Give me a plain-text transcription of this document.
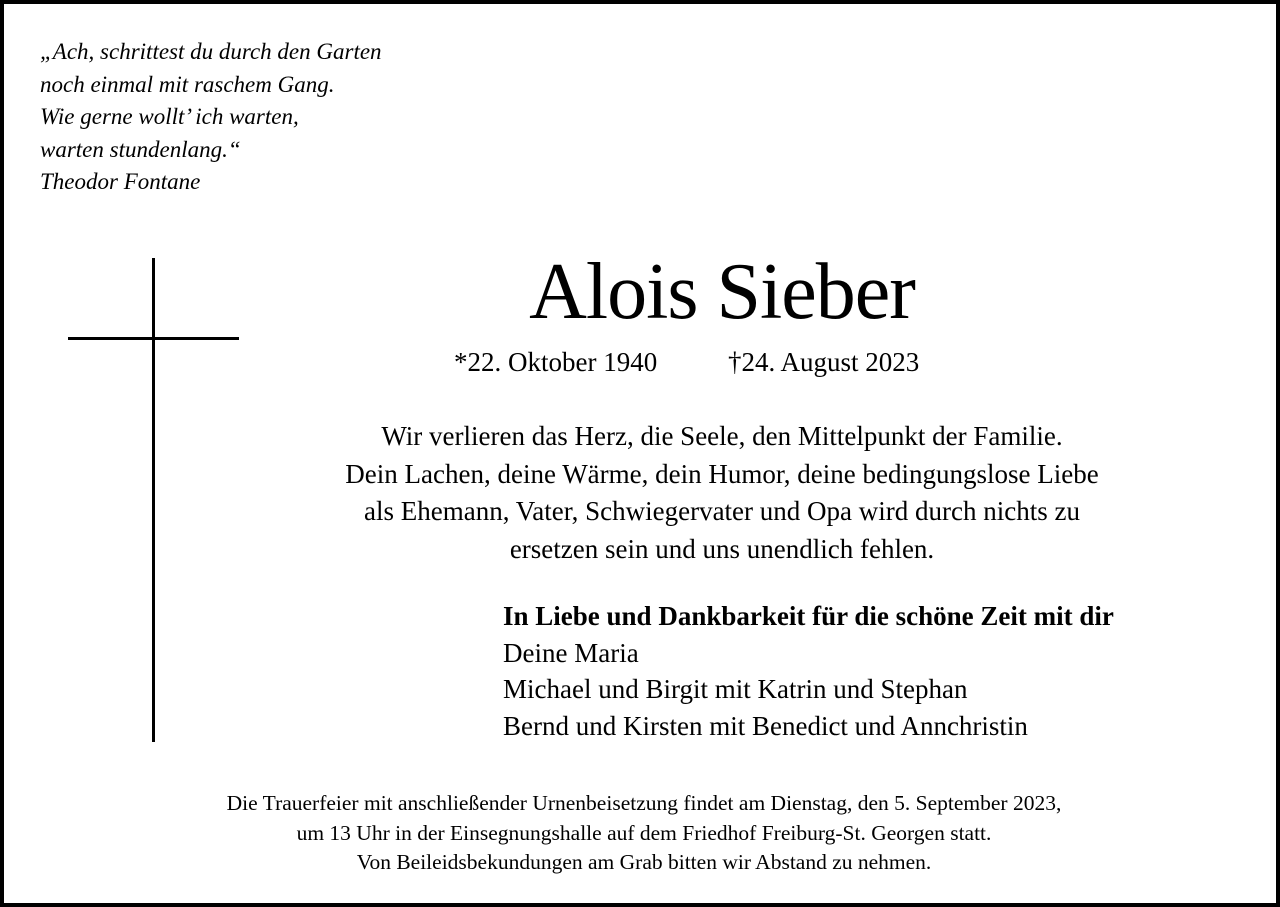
„Ach, schrittest du durch den Garten
noch einmal mit raschem Gang.
Wie gerne wollt’ ich warten,
warten stundenlang.“
Theodor Fontane
Alois Sieber
*22. Oktober 1940	†24. August 2023
Wir verlieren das Herz, die Seele, den Mittelpunkt der Familie.
Dein Lachen, deine Wärme, dein Humor, deine bedingungslose Liebe
als Ehemann, Vater, Schwiegervater und Opa wird durch nichts zu
ersetzen sein und uns unendlich fehlen.
In Liebe und Dankbarkeit für die schöne Zeit mit dir
Deine Maria
Michael und Birgit mit Katrin und Stephan
Bernd und Kirsten mit Benedict und Annchristin
Die Trauerfeier mit anschließender Urnenbeisetzung findet am Dienstag, den 5. September 2023,
um 13 Uhr in der Einsegnungshalle auf dem Friedhof Freiburg-St. Georgen statt.
Von Beileidsbekundungen am Grab bitten wir Abstand zu nehmen.
